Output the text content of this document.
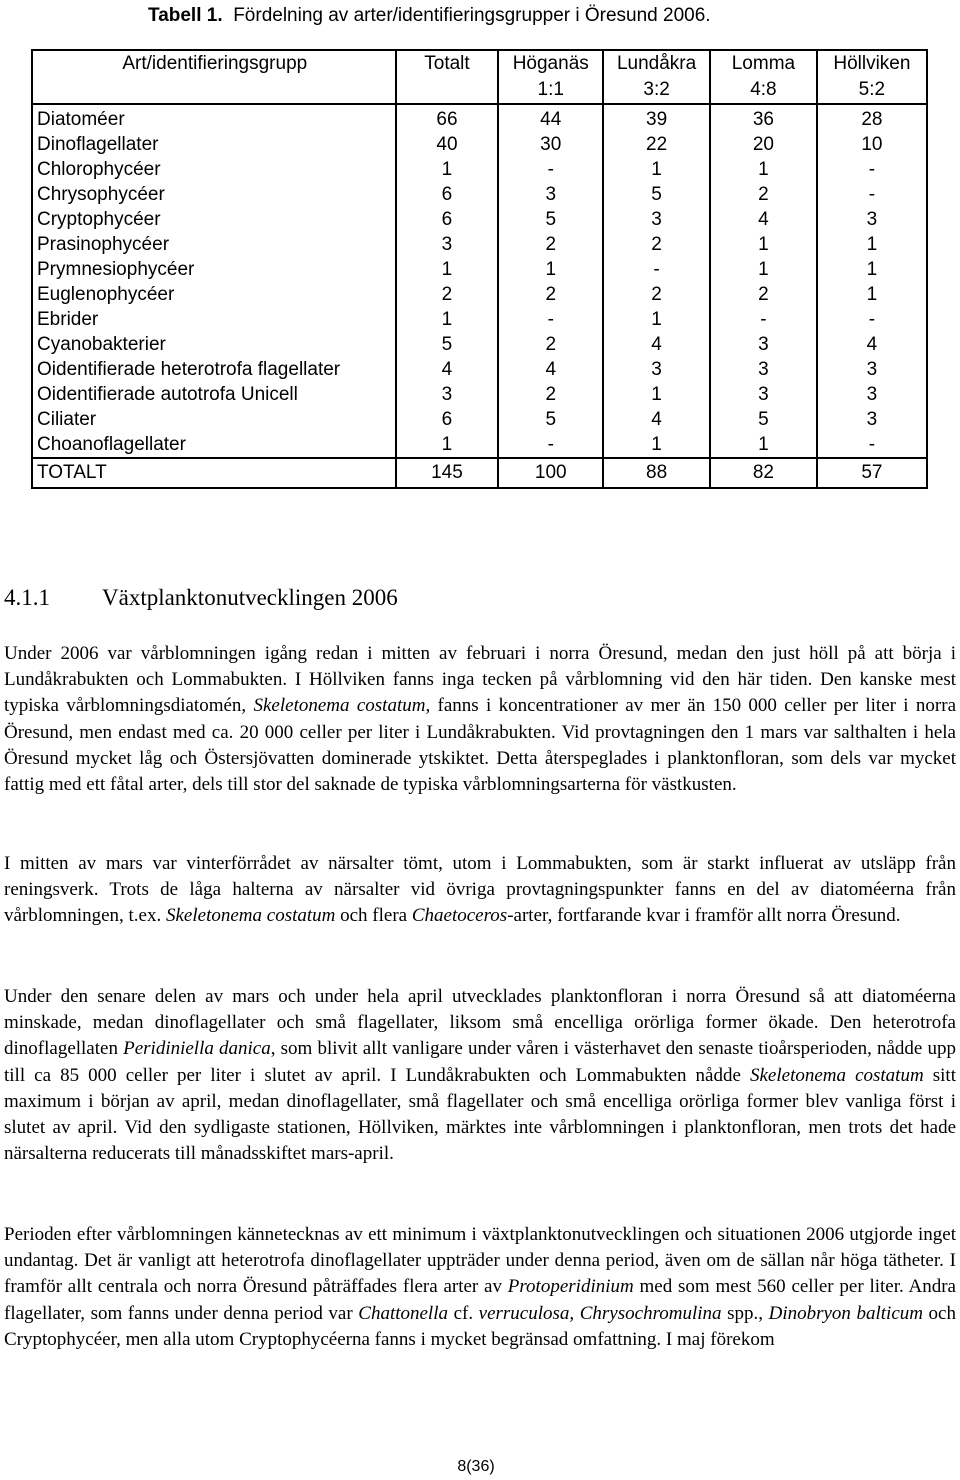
Tabell 1. Fördelning av arter/identifieringsgrupper i Öresund 2006.
Art/identifieringsgrupp	Totalt	Höganäs	Lundåkra	Lomma	Höllviken
		1:1	3:2	4:8	5:2
Diatoméer	66	44	39	36	28
Dinoflagellater	40	30	22	20	10
Chlorophycéer	1	-	1	1	-
Chrysophycéer	6	3	5	2	-
Cryptophycéer	6	5	3	4	3
Prasinophycéer	3	2	2	1	1
Prymnesiophycéer	1	1	-	1	1
Euglenophycéer	2	2	2	2	1
Ebrider	1	-	1	-	-
Cyanobakterier	5	2	4	3	4
Oidentifierade heterotrofa flagellater	4	4	3	3	3
Oidentifierade autotrofa Unicell	3	2	1	3	3
Ciliater	6	5	4	5	3
Choanoflagellater	1	-	1	1	-
TOTALT	145	100	88	82	57
4.1.1 Växtplanktonutvecklingen 2006

Under 2006 var vårblomningen igång redan i mitten av februari i norra Öresund, medan den just höll på att börja i Lundåkrabukten och Lommabukten. I Höllviken fanns inga tecken på vårblomning vid den här tiden. Den kanske mest typiska vårblomningsdiatomén, Skeletonema costatum, fanns i koncentrationer av mer än 150 000 celler per liter i norra Öresund, men endast med ca. 20 000 celler per liter i Lundåkrabukten. Vid provtagningen den 1 mars var salthalten i hela Öresund mycket låg och Östersjövatten dominerade ytskiktet. Detta återspeglades i planktonfloran, som dels var mycket fattig med ett fåtal arter, dels till stor del saknade de typiska vårblomningsarterna för västkusten.

I mitten av mars var vinterförrådet av närsalter tömt, utom i Lommabukten, som är starkt influerat av utsläpp från reningsverk. Trots de låga halterna av närsalter vid övriga provtagningspunkter fanns en del av diatoméerna från vårblomningen, t.ex. Skeletonema costatum och flera Chaetoceros-arter, fortfarande kvar i framför allt norra Öresund.

Under den senare delen av mars och under hela april utvecklades planktonfloran i norra Öresund så att diatoméerna minskade, medan dinoflagellater och små flagellater, liksom små encelliga orörliga former ökade. Den heterotrofa dinoflagellaten Peridiniella danica, som blivit allt vanligare under våren i västerhavet den senaste tioårsperioden, nådde upp till ca 85 000 celler per liter i slutet av april. I Lundåkrabukten och Lommabukten nådde Skeletonema costatum sitt maximum i början av april, medan dinoflagellater, små flagellater och små encelliga orörliga former blev vanliga först i slutet av april. Vid den sydligaste stationen, Höllviken, märktes inte vårblomningen i planktonfloran, men trots det hade närsalterna reducerats till månadsskiftet mars-april.

Perioden efter vårblomningen kännetecknas av ett minimum i växtplanktonutvecklingen och situationen 2006 utgjorde inget undantag. Det är vanligt att heterotrofa dinoflagellater uppträder under denna period, även om de sällan når höga tätheter. I framför allt centrala och norra Öresund påträffades flera arter av Protoperidinium med som mest 560 celler per liter. Andra flagellater, som fanns under denna period var Chattonella cf. verruculosa, Chrysochromulina spp., Dinobryon balticum och Cryptophycéer, men alla utom Cryptophycéerna fanns i mycket begränsad omfattning. I maj förekom

8(36)
